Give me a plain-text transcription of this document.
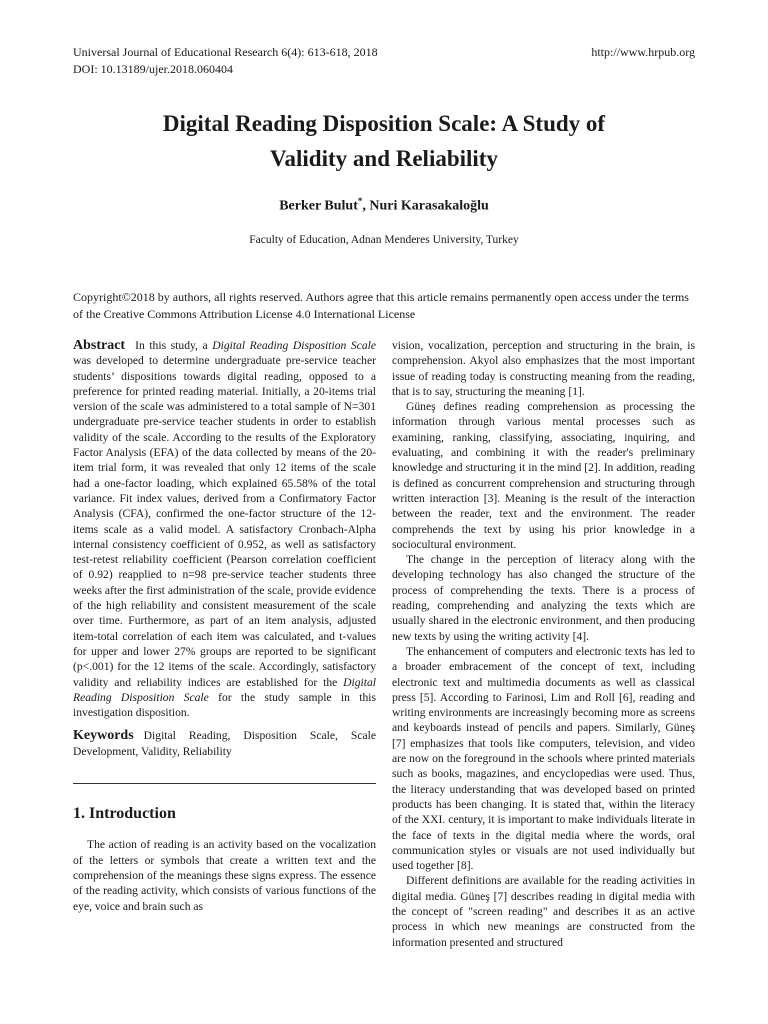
Universal Journal of Educational Research 6(4): 613-618, 2018
DOI: 10.13189/ujer.2018.060404
http://www.hrpub.org
Digital Reading Disposition Scale: A Study of
Validity and Reliability
Berker Bulut*, Nuri Karasakaloğlu
Faculty of Education, Adnan Menderes University, Turkey
Copyright©2018 by authors, all rights reserved. Authors agree that this article remains permanently open access under the terms of the Creative Commons Attribution License 4.0 International License

Abstract In this study, a Digital Reading Disposition Scale was developed to determine undergraduate pre-service teacher students’ dispositions towards digital reading, opposed to a preference for printed reading material. Initially, a 20-items trial version of the scale was administered to a total sample of N=301 undergraduate pre-service teacher students in order to establish validity of the scale. According to the results of the Exploratory Factor Analysis (EFA) of the data collected by means of the 20-item trial form, it was revealed that only 12 items of the scale had a one-factor loading, which explained 65.58% of the total variance. Fit index values, derived from a Confirmatory Factor Analysis (CFA), confirmed the one-factor structure of the 12-items scale as a valid model. A satisfactory Cronbach-Alpha internal consistency coefficient of 0.952, as well as satisfactory test-retest reliability coefficient (Pearson correlation coefficient of 0.92) reapplied to n=98 pre-service teacher students three weeks after the first administration of the scale, provide evidence of the high reliability and consistent measurement of the scale over time. Furthermore, as part of an item analysis, adjusted item-total correlation of each item was calculated, and t-values for upper and lower 27% groups are reported to be significant (p<.001) for the 12 items of the scale. Accordingly, satisfactory validity and reliability indices are established for the Digital Reading Disposition Scale for the study sample in this investigation disposition.

Keywords Digital Reading, Disposition Scale, Scale Development, Validity, Reliability

1. Introduction

The action of reading is an activity based on the vocalization of the letters or symbols that create a written text and the comprehension of the meanings these signs express. The essence of the reading activity, which consists of various functions of the eye, voice and brain such as

vision, vocalization, perception and structuring in the brain, is comprehension. Akyol also emphasizes that the most important issue of reading today is constructing meaning from the reading, that is to say, structuring the meaning [1].

Güneş defines reading comprehension as processing the information through various mental processes such as examining, ranking, classifying, associating, inquiring, and evaluating, and combining it with the reader's preliminary knowledge and structuring it in the mind [2]. In addition, reading is defined as concurrent comprehension and structuring through written interaction [3]. Meaning is the result of the interaction between the reader, text and the environment. The reader comprehends the text by using his prior knowledge in a sociocultural environment.

The change in the perception of literacy along with the developing technology has also changed the structure of the process of comprehending the texts. There is a process of reading, comprehending and analyzing the texts which are usually shared in the electronic environment, and then producing new texts by using the writing activity [4].

The enhancement of computers and electronic texts has led to a broader embracement of the concept of text, including electronic text and multimedia documents as well as classical press [5]. According to Farinosi, Lim and Roll [6], reading and writing environments are increasingly becoming more as screens and keyboards instead of pencils and papers. Similarly, Güneş [7] emphasizes that tools like computers, television, and video are now on the foreground in the schools where printed materials such as books, magazines, and encyclopedias were used. Thus, the literacy understanding that was developed based on printed products has been changing. It is stated that, within the literacy of the XXI. century, it is important to make individuals literate in the face of texts in the digital media where the words, oral communication styles or visuals are not used individually but used together [8].

Different definitions are available for the reading activities in digital media. Güneş [7] describes reading in digital media with the concept of "screen reading" and describes it as an active process in which new meanings are constructed from the information presented and structured
